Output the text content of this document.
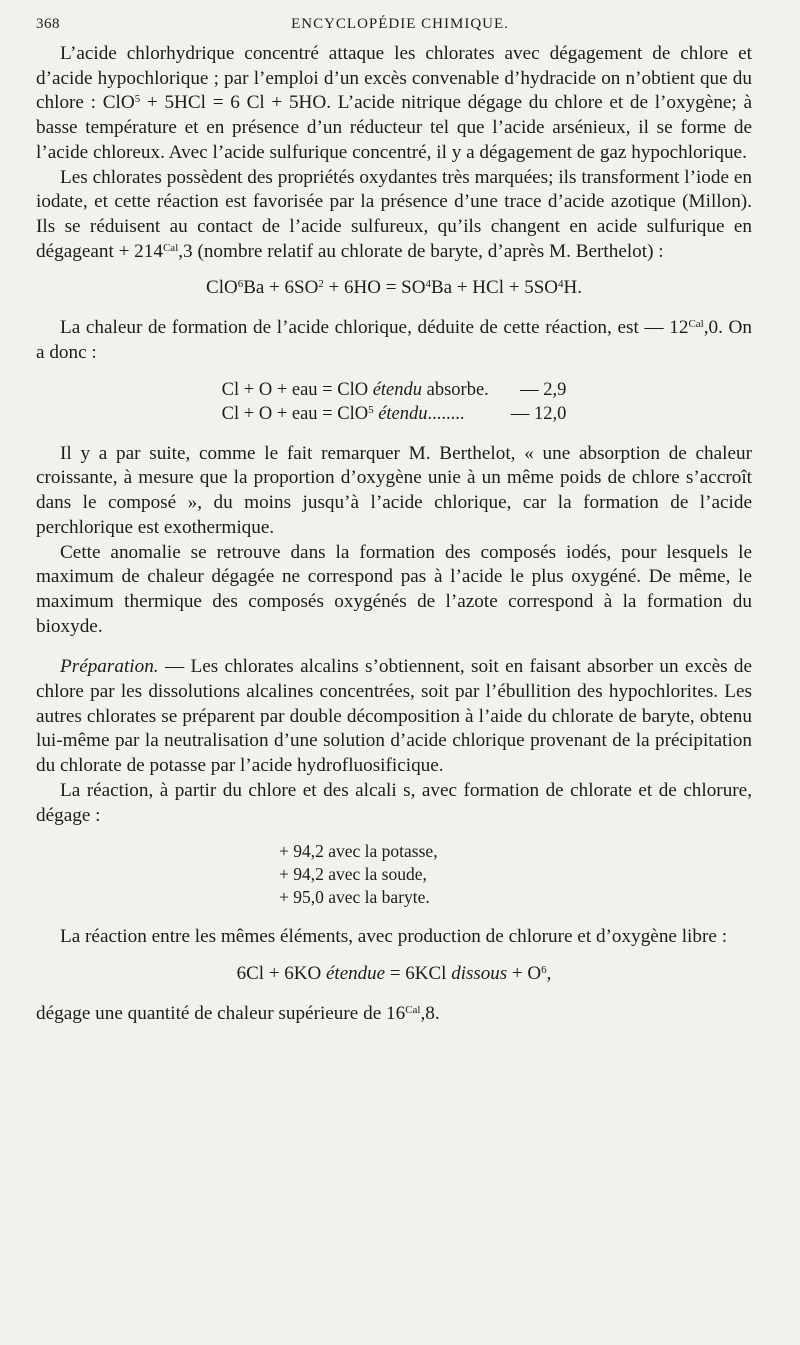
368	ENCYCLOPÉDIE CHIMIQUE.

L’acide chlorhydrique concentré attaque les chlorates avec dégagement de chlore et d’acide hypochlorique ; par l’emploi d’un excès convenable d’hydracide on n’obtient que du chlore : ClO$^5$ + 5HCl = 6 Cl + 5HO. L’acide nitrique dégage du chlore et de l’oxygène; à basse température et en présence d’un réducteur tel que l’acide arsénieux, il se forme de l’acide chloreux. Avec l’acide sulfurique concentré, il y a dégagement de gaz hypochlorique.

Les chlorates possèdent des propriétés oxydantes très marquées; ils transforment l’iode en iodate, et cette réaction est favorisée par la présence d’une trace d’acide azotique (Millon). Ils se réduisent au contact de l’acide sulfureux, qu’ils changent en acide sulfurique en dégageant + $214^{Cal},3$ (nombre relatif au chlorate de baryte, d’après M. Berthelot) :

$ClO^6Ba + 6SO^2 + 6HO = SO^4Ba$ + HCl + $5SO^4H$.

La chaleur de formation de l’acide chlorique, déduite de cette réaction, est — $12^{Cal},0$. On a donc :

Cl + O + eau = ClO étendu absorbe.	— 2,9
Cl + O + eau = ClO$^5$ étendu........	— 12,0

Il y a par suite, comme le fait remarquer M. Berthelot, « une absorption de chaleur croissante, à mesure que la proportion d’oxygène unie à un même poids de chlore s’accroît dans le composé », du moins jusqu’à l’acide chlorique, car la formation de l’acide perchlorique est exothermique.

Cette anomalie se retrouve dans la formation des composés iodés, pour lesquels le maximum de chaleur dégagée ne correspond pas à l’acide le plus oxygéné. De même, le maximum thermique des composés oxygénés de l’azote correspond à la formation du bioxyde.

Préparation. — Les chlorates alcalins s’obtiennent, soit en faisant absorber un excès de chlore par les dissolutions alcalines concentrées, soit par l’ébullition des hypochlorites. Les autres chlorates se préparent par double décomposition à l’aide du chlorate de baryte, obtenu lui-même par la neutralisation d’une solution d’acide chlorique provenant de la précipitation du chlorate de potasse par l’acide hydrofluosificique.

La réaction, à partir du chlore et des alcali s, avec formation de chlorate et de chlorure, dégage :

+ 94,2 avec la potasse,
+ 94,2 avec la soude,
+ 95,0 avec la baryte.

La réaction entre les mêmes éléments, avec production de chlorure et d’oxygène libre :

6Cl + 6KO étendue = 6KCl dissous + $O^6$,

dégage une quantité de chaleur supérieure de $16^{Cal},8$.
